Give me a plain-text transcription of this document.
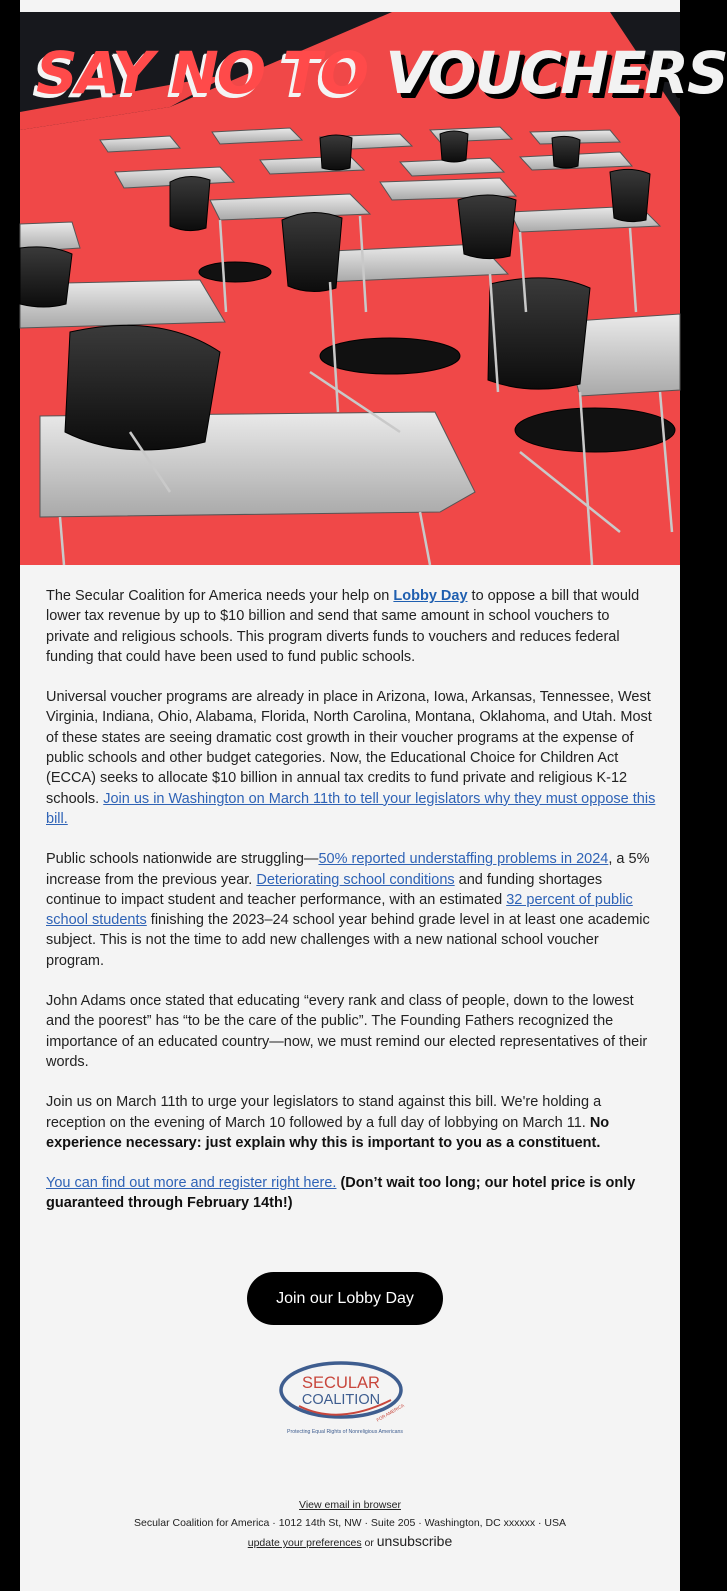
SAY NO TO VOUCHERS

The Secular Coalition for America needs your help on Lobby Day to oppose a bill that would lower tax revenue by up to $10 billion and send that same amount in school vouchers to private and religious schools. This program diverts funds to vouchers and reduces federal funding that could have been used to fund public schools.

Universal voucher programs are already in place in Arizona, Iowa, Arkansas, Tennessee, West Virginia, Indiana, Ohio, Alabama, Florida, North Carolina, Montana, Oklahoma, and Utah. Most of these states are seeing dramatic cost growth in their voucher programs at the expense of public schools and other budget categories. Now, the Educational Choice for Children Act (ECCA) seeks to allocate $10 billion in annual tax credits to fund private and religious K-12 schools. Join us in Washington on March 11th to tell your legislators why they must oppose this bill.

Public schools nationwide are struggling—50% reported understaffing problems in 2024, a 5% increase from the previous year. Deteriorating school conditions and funding shortages continue to impact student and teacher performance, with an estimated 32 percent of public school students finishing the 2023–24 school year behind grade level in at least one academic subject. This is not the time to add new challenges with a new national school voucher program.

John Adams once stated that educating “every rank and class of people, down to the lowest and the poorest” has “to be the care of the public”. The Founding Fathers recognized the importance of an educated country—now, we must remind our elected representatives of their words.

Join us on March 11th to urge your legislators to stand against this bill. We're holding a reception on the evening of March 10 followed by a full day of lobbying on March 11. No experience necessary: just explain why this is important to you as a constituent.

You can find out more and register right here. (Don’t wait too long; our hotel price is only guaranteed through February 14th!)

Join our Lobby Day
SECULAR
COALITION
FOR AMERICA
Protecting Equal Rights of Nonreligious Americans
View email in browser
Secular Coalition for America · 1012 14th St, NW · Suite 205 · Washington, DC xxxxxx · USA
update your preferences or unsubscribe
